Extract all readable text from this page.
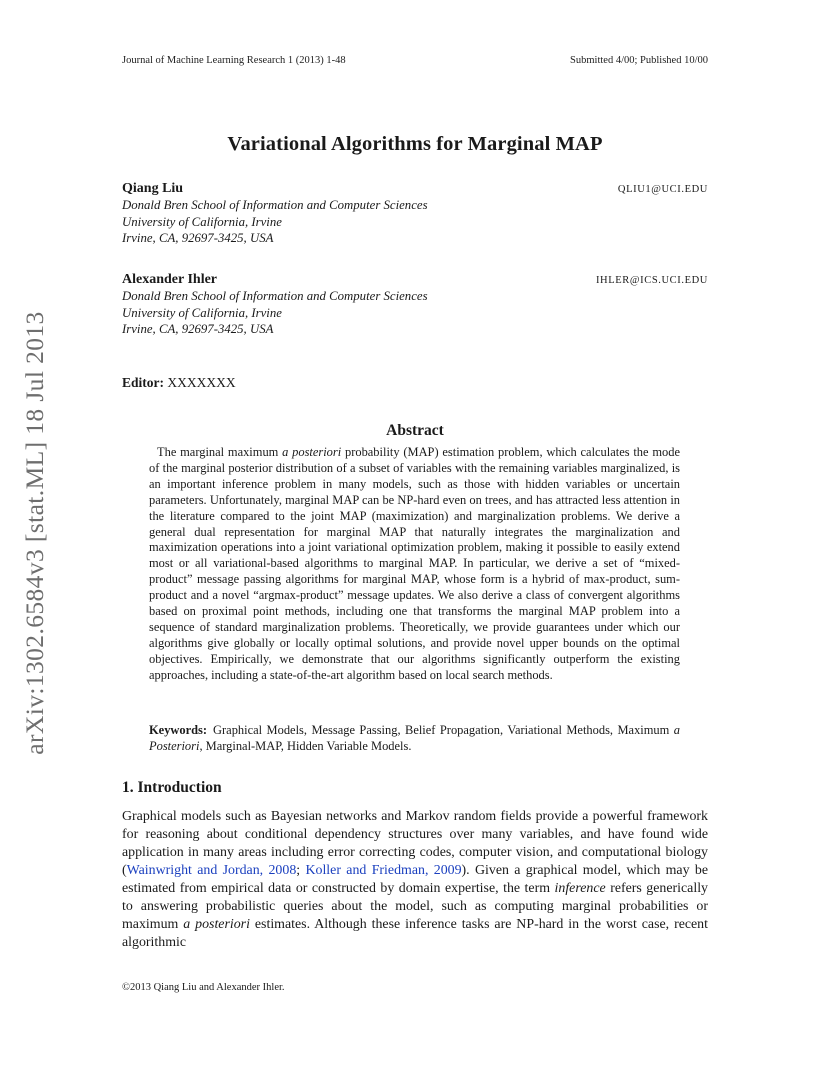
arXiv:1302.6584v3 [stat.ML] 18 Jul 2013
Journal of Machine Learning Research 1 (2013) 1-48	Submitted 4/00; Published 10/00
Variational Algorithms for Marginal MAP
Qiang Liu	QLIU1@UCI.EDU
Donald Bren School of Information and Computer Sciences
University of California, Irvine
Irvine, CA, 92697-3425, USA
Alexander Ihler	IHLER@ICS.UCI.EDU
Donald Bren School of Information and Computer Sciences
University of California, Irvine
Irvine, CA, 92697-3425, USA
Editor: XXXXXXX
Abstract

The marginal maximum a posteriori probability (MAP) estimation problem, which calculates the mode of the marginal posterior distribution of a subset of variables with the remaining variables marginalized, is an important inference problem in many models, such as those with hidden variables or uncertain parameters. Unfortunately, marginal MAP can be NP-hard even on trees, and has attracted less attention in the literature compared to the joint MAP (maximization) and marginalization problems. We derive a general dual representation for marginal MAP that naturally integrates the marginalization and maximization operations into a joint variational optimization problem, making it possible to easily extend most or all variational-based algorithms to marginal MAP. In particular, we derive a set of “mixed-product” message passing algorithms for marginal MAP, whose form is a hybrid of max-product, sum-product and a novel “argmax-product” message updates. We also derive a class of convergent algorithms based on proximal point methods, including one that transforms the marginal MAP problem into a sequence of standard marginalization problems. Theoretically, we provide guarantees under which our algorithms give globally or locally optimal solutions, and provide novel upper bounds on the optimal objectives. Empirically, we demonstrate that our algorithms significantly outperform the existing approaches, including a state-of-the-art algorithm based on local search methods.

Keywords: Graphical Models, Message Passing, Belief Propagation, Variational Methods, Maximum a Posteriori, Marginal-MAP, Hidden Variable Models.

1. Introduction

Graphical models such as Bayesian networks and Markov random fields provide a powerful framework for reasoning about conditional dependency structures over many variables, and have found wide application in many areas including error correcting codes, computer vision, and computational biology (Wainwright and Jordan, 2008; Koller and Friedman, 2009). Given a graphical model, which may be estimated from empirical data or constructed by domain expertise, the term inference refers generically to answering probabilistic queries about the model, such as computing marginal probabilities or maximum a posteriori estimates. Although these inference tasks are NP-hard in the worst case, recent algorithmic

©2013 Qiang Liu and Alexander Ihler.
